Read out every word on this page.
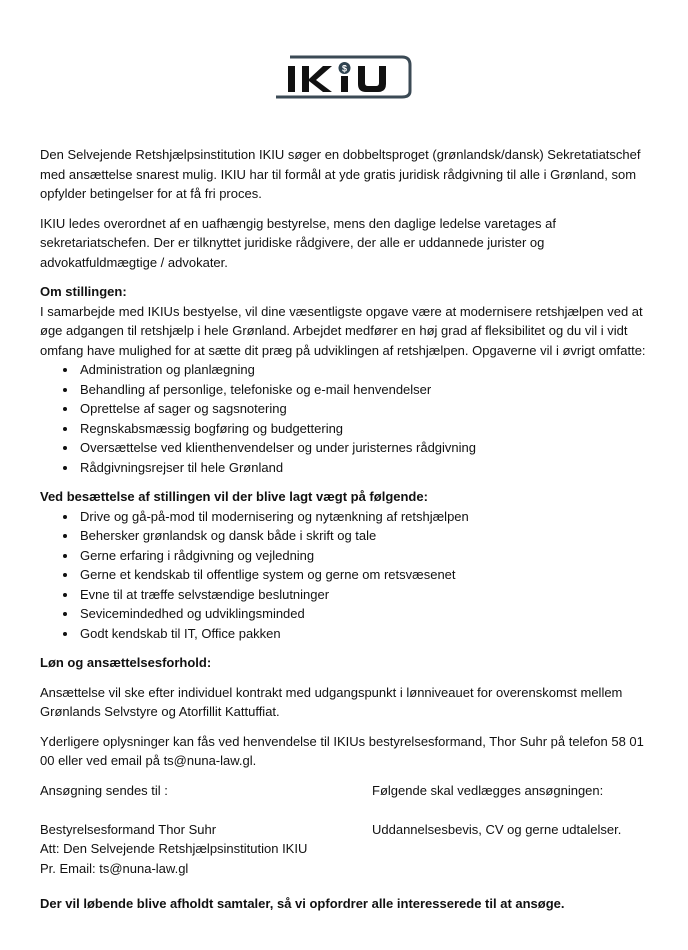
$

Den Selvejende Retshjælpsinstitution IKIU søger en dobbeltsproget (grønlandsk/dansk) Sekretatiatschef med ansættelse snarest mulig. IKIU har til formål at yde gratis juridisk rådgivning til alle i Grønland, som opfylder betingelser for at få fri proces.

IKIU ledes overordnet af en uafhængig bestyrelse, mens den daglige ledelse varetages af sekretariatschefen. Der er tilknyttet juridiske rådgivere, der alle er uddannede jurister og advokatfuldmægtige / advokater.

Om stillingen:

I samarbejde med IKIUs bestyelse, vil dine væsentligste opgave være at modernisere retshjælpen ved at øge adgangen til retshjælp i hele Grønland. Arbejdet medfører en høj grad af fleksibilitet og du vil i vidt omfang have mulighed for at sætte dit præg på udviklingen af retshjælpen. Opgaverne vil i øvrigt omfatte:

Administration og planlægning
Behandling af personlige, telefoniske og e-mail henvendelser
Oprettelse af sager og sagsnotering
Regnskabsmæssig bogføring og budgettering
Oversættelse ved klienthenvendelser og under juristernes rådgivning
Rådgivningsrejser til hele Grønland

Ved besættelse af stillingen vil der blive lagt vægt på følgende:

Drive og gå-på-mod til modernisering og nytænkning af retshjælpen
Behersker grønlandsk og dansk både i skrift og tale
Gerne erfaring i rådgivning og vejledning
Gerne et kendskab til offentlige system og gerne om retsvæsenet
Evne til at træffe selvstændige beslutninger
Sevicemindedhed og udviklingsminded
Godt kendskab til IT, Office pakken

Løn og ansættelsesforhold:

Ansættelse vil ske efter individuel kontrakt med udgangspunkt i lønniveauet for overenskomst mellem Grønlands Selvstyre og Atorfillit Kattuffiat.

Yderligere oplysninger kan fås ved henvendelse til IKIUs bestyrelsesformand, Thor Suhr på telefon 58 01 00 eller ved email på ts@nuna-law.gl.

Ansøgning sendes til :

Bestyrelsesformand Thor Suhr

Att: Den Selvejende Retshjælpsinstitution IKIU

Pr. Email: ts@nuna-law.gl

Følgende skal vedlægges ansøgningen:

Uddannelsesbevis, CV og gerne udtalelser.

Der vil løbende blive afholdt samtaler, så vi opfordrer alle interesserede til at ansøge.
